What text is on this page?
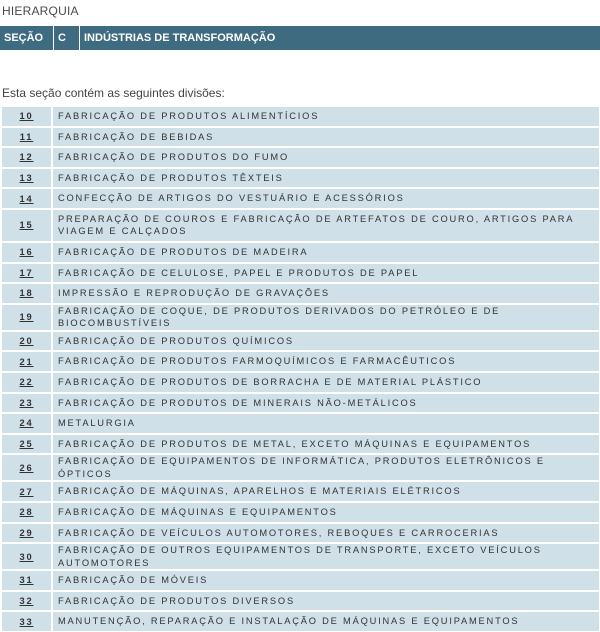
HIERARQUIA
SEÇÃO	C	INDÚSTRIAS DE TRANSFORMAÇÃO
Esta seção contém as seguintes divisões:
10	FABRICAÇÃO DE PRODUTOS ALIMENTÍCIOS
11	FABRICAÇÃO DE BEBIDAS
12	FABRICAÇÃO DE PRODUTOS DO FUMO
13	FABRICAÇÃO DE PRODUTOS TÊXTEIS
14	CONFECÇÃO DE ARTIGOS DO VESTUÁRIO E ACESSÓRIOS
15	PREPARAÇÃO DE COUROS E FABRICAÇÃO DE ARTEFATOS DE COURO, ARTIGOS PARA VIAGEM E CALÇADOS
16	FABRICAÇÃO DE PRODUTOS DE MADEIRA
17	FABRICAÇÃO DE CELULOSE, PAPEL E PRODUTOS DE PAPEL
18	IMPRESSÃO E REPRODUÇÃO DE GRAVAÇÕES
19	FABRICAÇÃO DE COQUE, DE PRODUTOS DERIVADOS DO PETRÓLEO E DE BIOCOMBUSTÍVEIS
20	FABRICAÇÃO DE PRODUTOS QUÍMICOS
21	FABRICAÇÃO DE PRODUTOS FARMOQUÍMICOS E FARMACÊUTICOS
22	FABRICAÇÃO DE PRODUTOS DE BORRACHA E DE MATERIAL PLÁSTICO
23	FABRICAÇÃO DE PRODUTOS DE MINERAIS NÃO-METÁLICOS
24	METALURGIA
25	FABRICAÇÃO DE PRODUTOS DE METAL, EXCETO MÁQUINAS E EQUIPAMENTOS
26	FABRICAÇÃO DE EQUIPAMENTOS DE INFORMÁTICA, PRODUTOS ELETRÔNICOS E ÓPTICOS
27	FABRICAÇÃO DE MÁQUINAS, APARELHOS E MATERIAIS ELÉTRICOS
28	FABRICAÇÃO DE MÁQUINAS E EQUIPAMENTOS
29	FABRICAÇÃO DE VEÍCULOS AUTOMOTORES, REBOQUES E CARROCERIAS
30	FABRICAÇÃO DE OUTROS EQUIPAMENTOS DE TRANSPORTE, EXCETO VEÍCULOS AUTOMOTORES
31	FABRICAÇÃO DE MÓVEIS
32	FABRICAÇÃO DE PRODUTOS DIVERSOS
33	MANUTENÇÃO, REPARAÇÃO E INSTALAÇÃO DE MÁQUINAS E EQUIPAMENTOS
